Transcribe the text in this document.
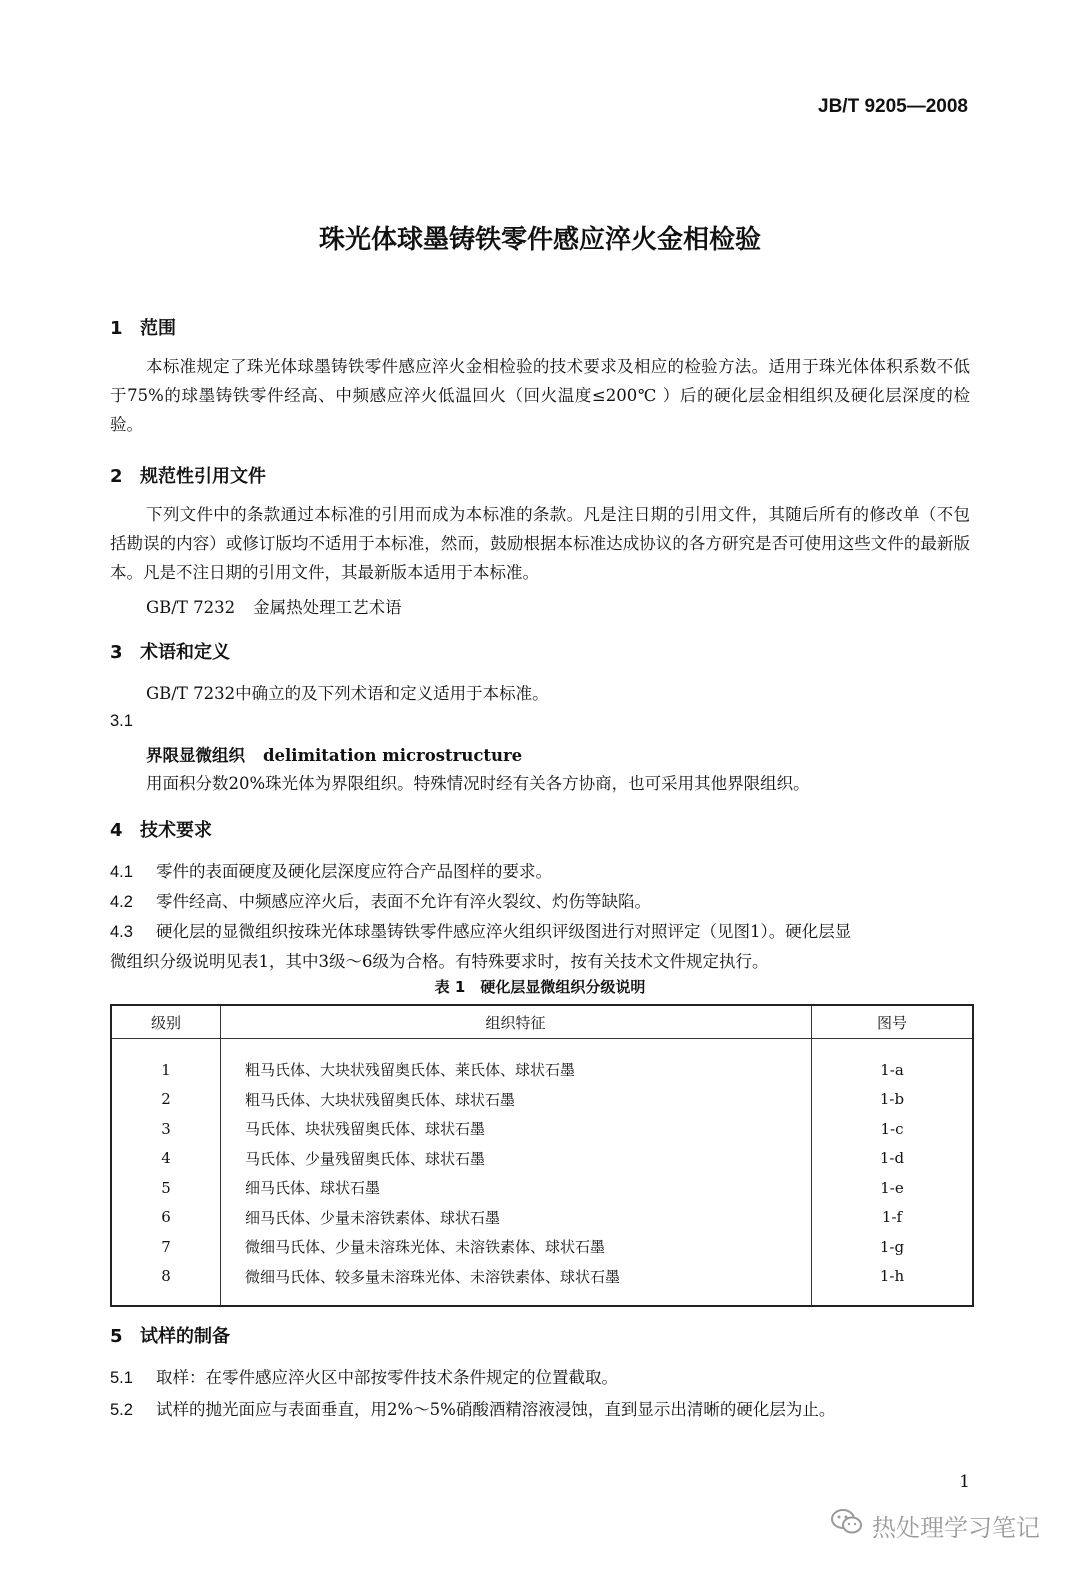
JB/T 9205—2008
珠光体球墨铸铁零件感应淬火金相检验
1 范围
本标准规定了珠光体球墨铸铁零件感应淬火金相检验的技术要求及相应的检验方法。适用于珠光体体积系数不低于75%的球墨铸铁零件经高、中频感应淬火低温回火（回火温度≤200℃ ）后的硬化层金相组织及硬化层深度的检验。
2 规范性引用文件
下列文件中的条款通过本标准的引用而成为本标准的条款。凡是注日期的引用文件，其随后所有的修改单（不包括勘误的内容）或修订版均不适用于本标准，然而，鼓励根据本标准达成协议的各方研究是否可使用这些文件的最新版本。凡是不注日期的引用文件，其最新版本适用于本标准。
GB/T 7232 金属热处理工艺术语
3 术语和定义
GB/T 7232中确立的及下列术语和定义适用于本标准。
3.1
界限显微组织 delimitation microstructure
用面积分数20%珠光体为界限组织。特殊情况时经有关各方协商，也可采用其他界限组织。
4 技术要求
4.1 零件的表面硬度及硬化层深度应符合产品图样的要求。
4.2 零件经高、中频感应淬火后，表面不允许有淬火裂纹、灼伤等缺陷。
4.3 硬化层的显微组织按珠光体球墨铸铁零件感应淬火组织评级图进行对照评定（见图1）。硬化层显
微组织分级说明见表1，其中3级～6级为合格。有特殊要求时，按有关技术文件规定执行。
表 1　硬化层显微组织分级说明
级别	组织特征	图号
1	粗马氏体、大块状残留奥氏体、莱氏体、球状石墨	1-a
2	粗马氏体、大块状残留奥氏体、球状石墨	1-b
3	马氏体、块状残留奥氏体、球状石墨	1-c
4	马氏体、少量残留奥氏体、球状石墨	1-d
5	细马氏体、球状石墨	1-e
6	细马氏体、少量未溶铁素体、球状石墨	1-f
7	微细马氏体、少量未溶珠光体、未溶铁素体、球状石墨	1-g
8	微细马氏体、较多量未溶珠光体、未溶铁素体、球状石墨	1-h
5 试样的制备
5.1 取样：在零件感应淬火区中部按零件技术条件规定的位置截取。
5.2 试样的抛光面应与表面垂直，用2%～5%硝酸酒精溶液浸蚀，直到显示出清晰的硬化层为止。
1
热处理学习笔记
